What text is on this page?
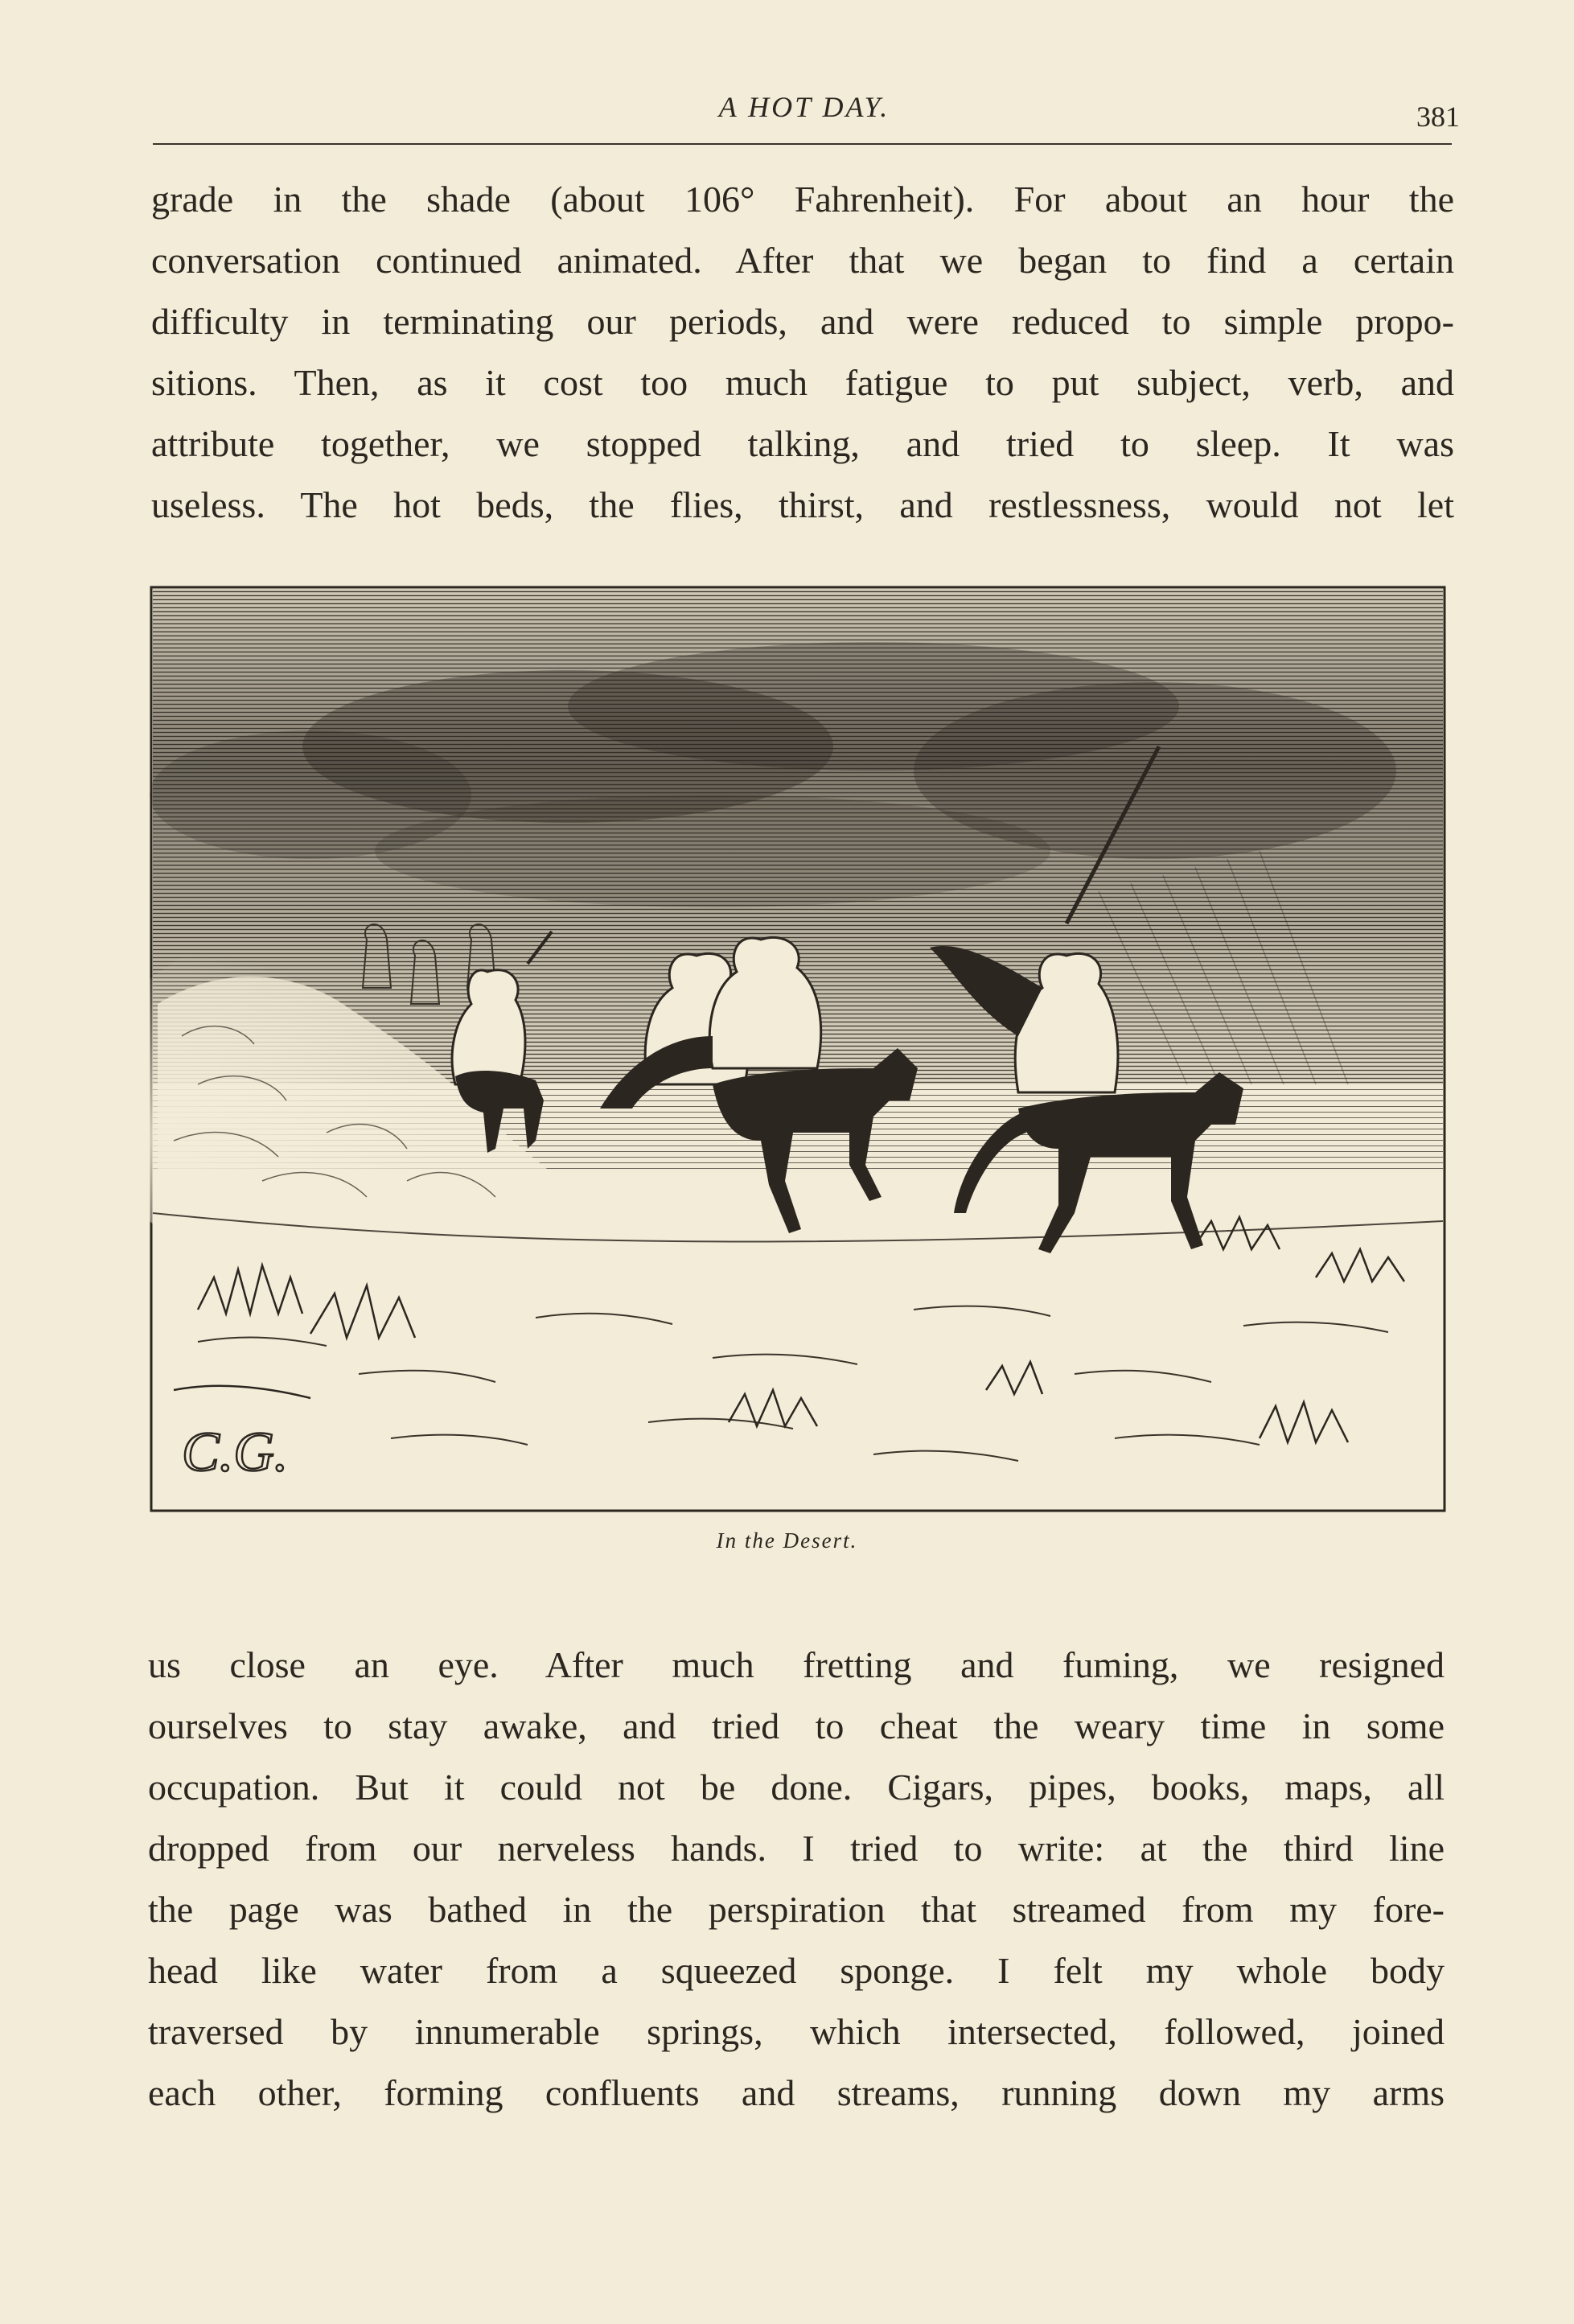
A HOT DAY.	381
grade in the shade (about 106° Fahrenheit). For about an hour the
conversation continued animated. After that we began to find a certain
difficulty in terminating our periods, and were reduced to simple propo-
sitions. Then, as it cost too much fatigue to put subject, verb, and
attribute together, we stopped talking, and tried to sleep. It was
useless. The hot beds, the flies, thirst, and restlessness, would not let
C.G.
In the Desert.
us close an eye. After much fretting and fuming, we resigned
ourselves to stay awake, and tried to cheat the weary time in some
occupation. But it could not be done. Cigars, pipes, books, maps, all
dropped from our nerveless hands. I tried to write: at the third line
the page was bathed in the perspiration that streamed from my fore-
head like water from a squeezed sponge. I felt my whole body
traversed by innumerable springs, which intersected, followed, joined
each other, forming confluents and streams, running down my arms
